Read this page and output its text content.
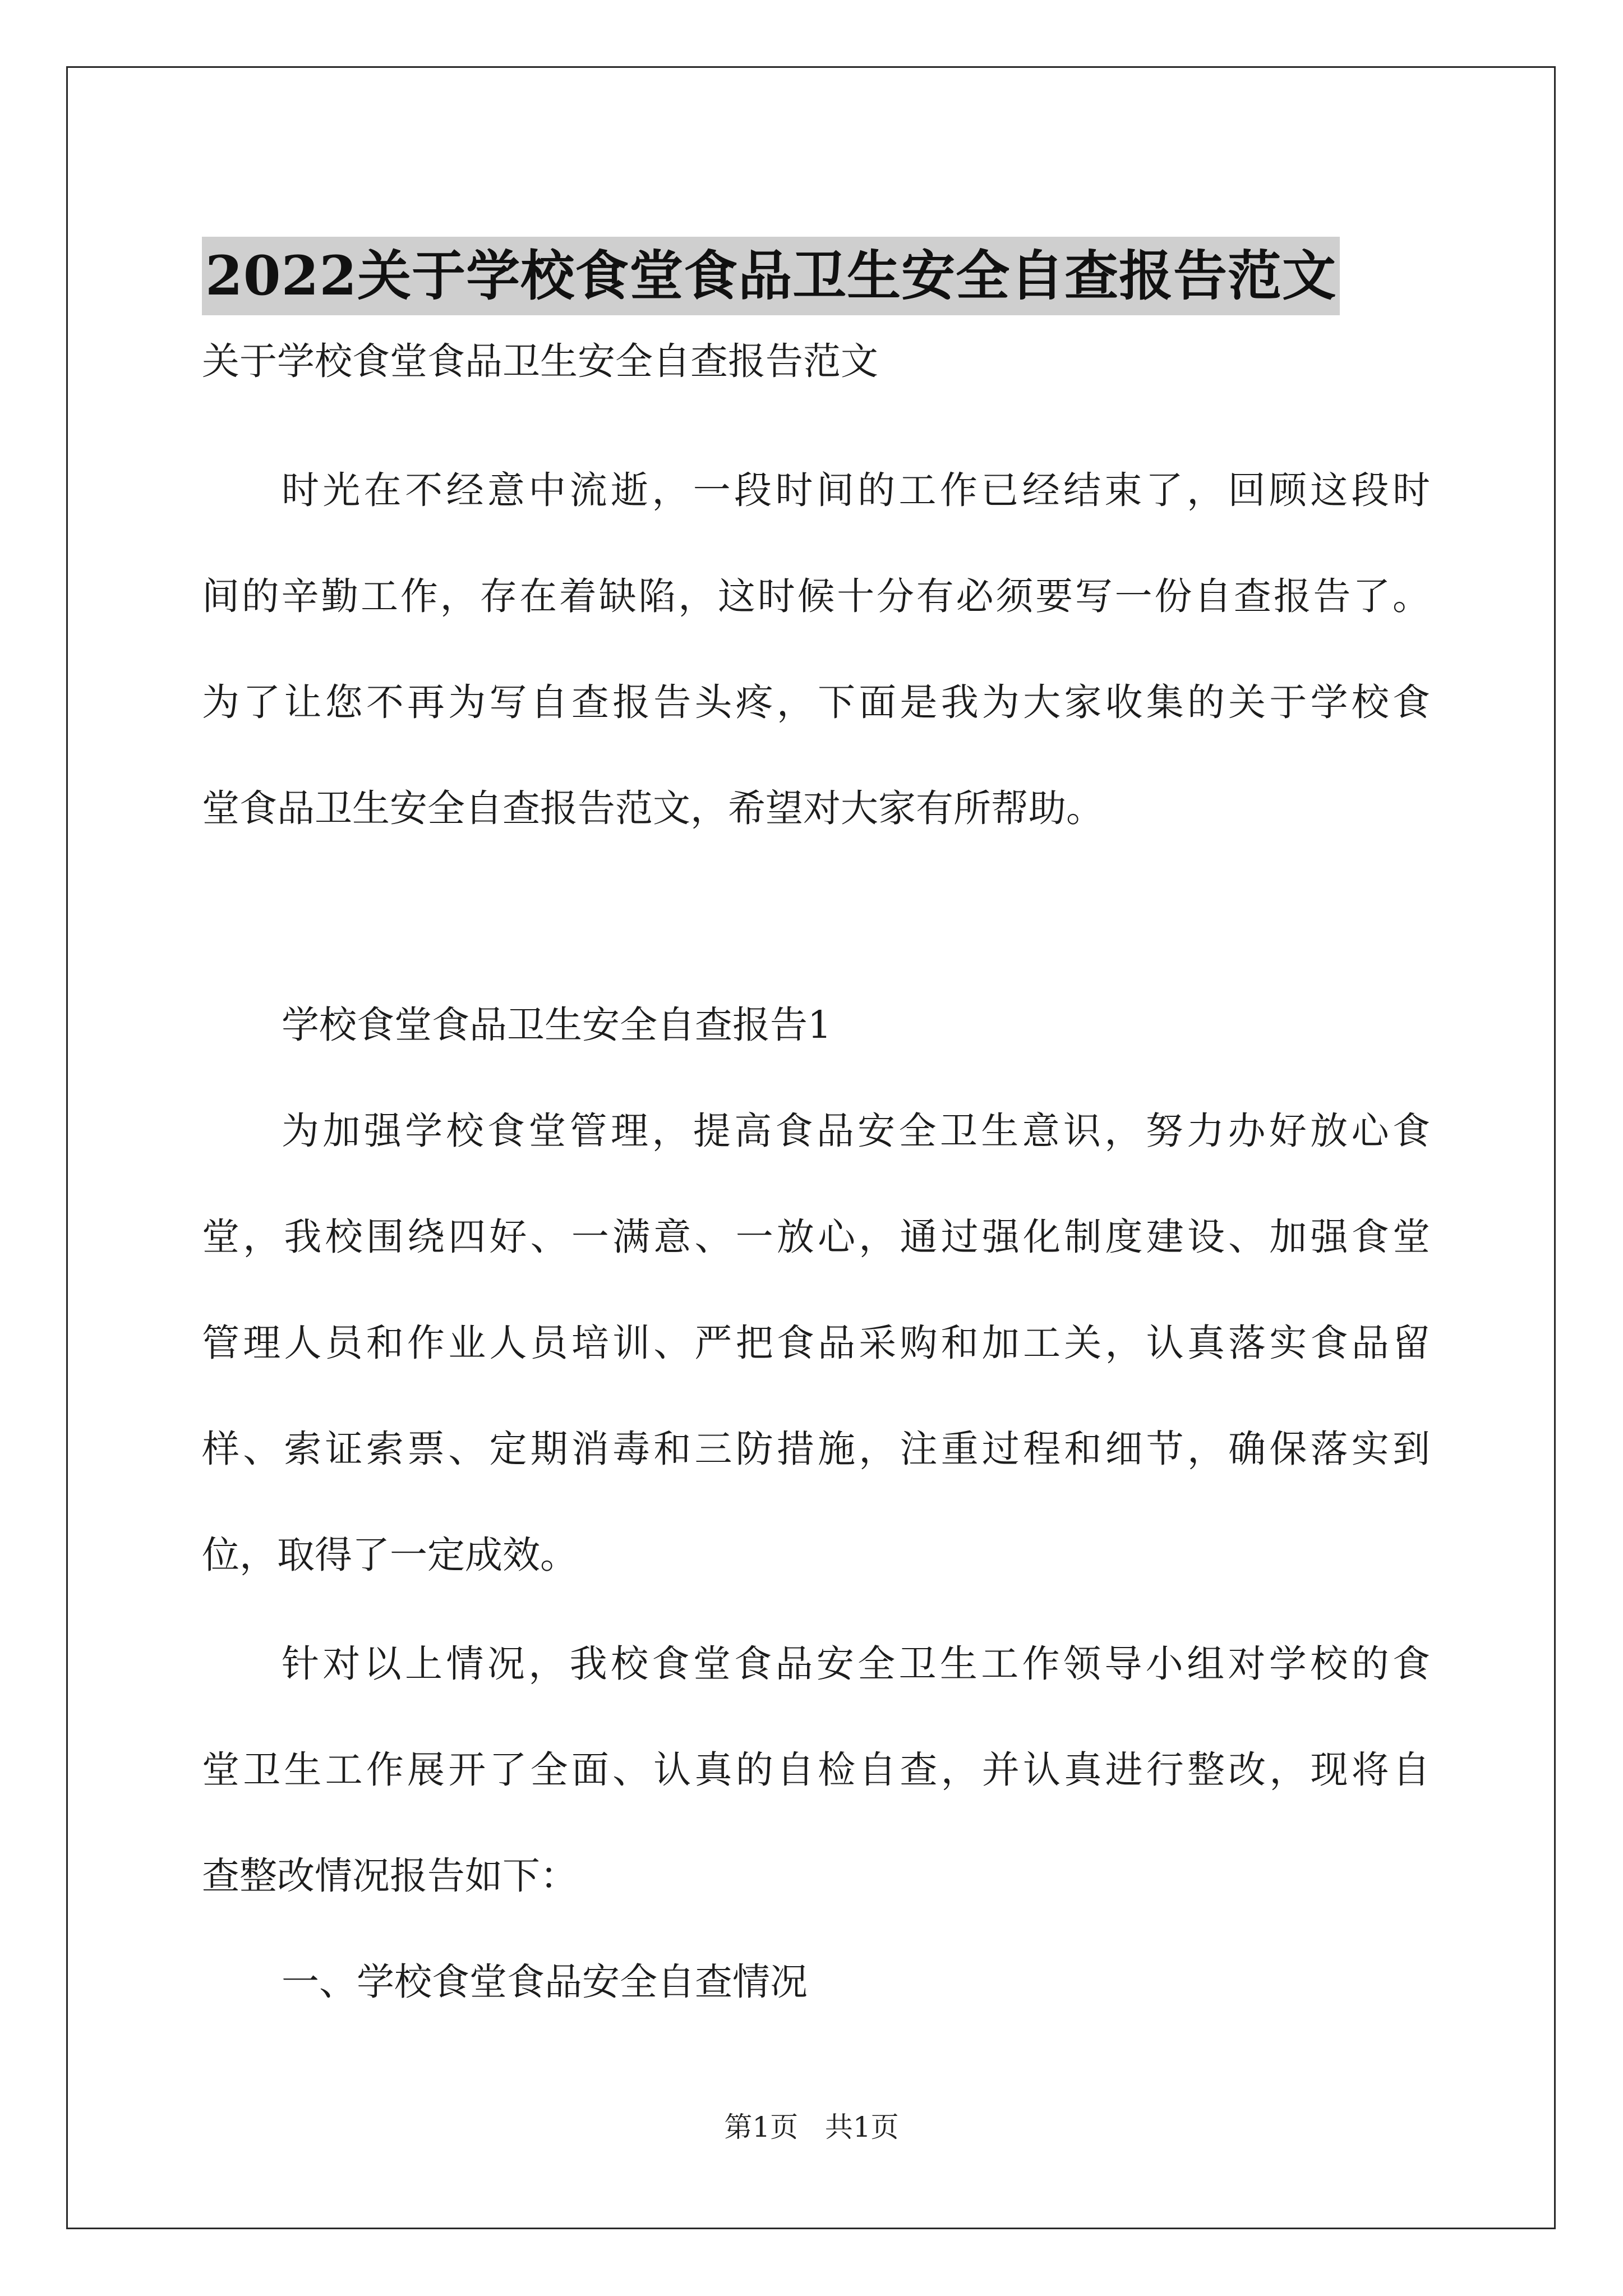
2022关于学校食堂食品卫生安全自查报告范文

关于学校食堂食品卫生安全自查报告范文

时光在不经意中流逝，一段时间的工作已经结束了，回顾这段时

间的辛勤工作，存在着缺陷，这时候十分有必须要写一份自查报告了。

为了让您不再为写自查报告头疼，下面是我为大家收集的关于学校食

堂食品卫生安全自查报告范文，希望对大家有所帮助。

学校食堂食品卫生安全自查报告1

为加强学校食堂管理，提高食品安全卫生意识，努力办好放心食

堂，我校围绕四好、一满意、一放心，通过强化制度建设、加强食堂

管理人员和作业人员培训、严把食品采购和加工关，认真落实食品留

样、索证索票、定期消毒和三防措施，注重过程和细节，确保落实到

位，取得了一定成效。

针对以上情况，我校食堂食品安全卫生工作领导小组对学校的食

堂卫生工作展开了全面、认真的自检自查，并认真进行整改，现将自

查整改情况报告如下：

一、学校食堂食品安全自查情况

第1页   共1页
